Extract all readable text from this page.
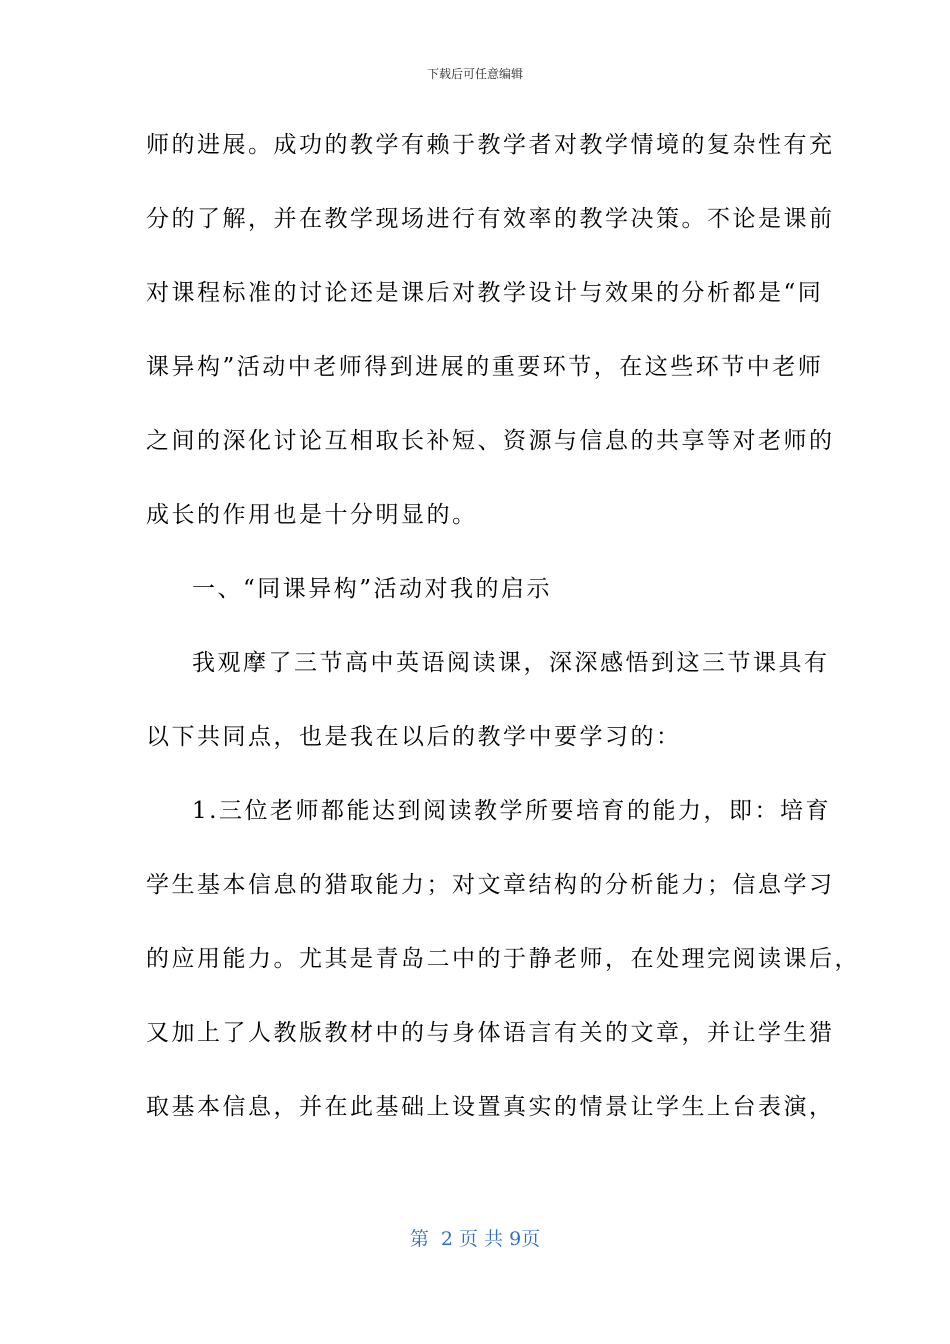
下载后可任意编辑
师的进展。成功的教学有赖于教学者对教学情境的复杂性有充
分的了解，并在教学现场进行有效率的教学决策。不论是课前
对课程标准的讨论还是课后对教学设计与效果的分析都是“同
课异构”活动中老师得到进展的重要环节，在这些环节中老师
之间的深化讨论互相取长补短、资源与信息的共享等对老师的
成长的作用也是十分明显的。
一、“同课异构”活动对我的启示
我观摩了三节高中英语阅读课，深深感悟到这三节课具有
以下共同点，也是我在以后的教学中要学习的：
1.三位老师都能达到阅读教学所要培育的能力，即：培育
学生基本信息的猎取能力；对文章结构的分析能力；信息学习
的应用能力。尤其是青岛二中的于静老师，在处理完阅读课后，
又加上了人教版教材中的与身体语言有关的文章，并让学生猎
取基本信息，并在此基础上设置真实的情景让学生上台表演，
第  2 页 共 9页
